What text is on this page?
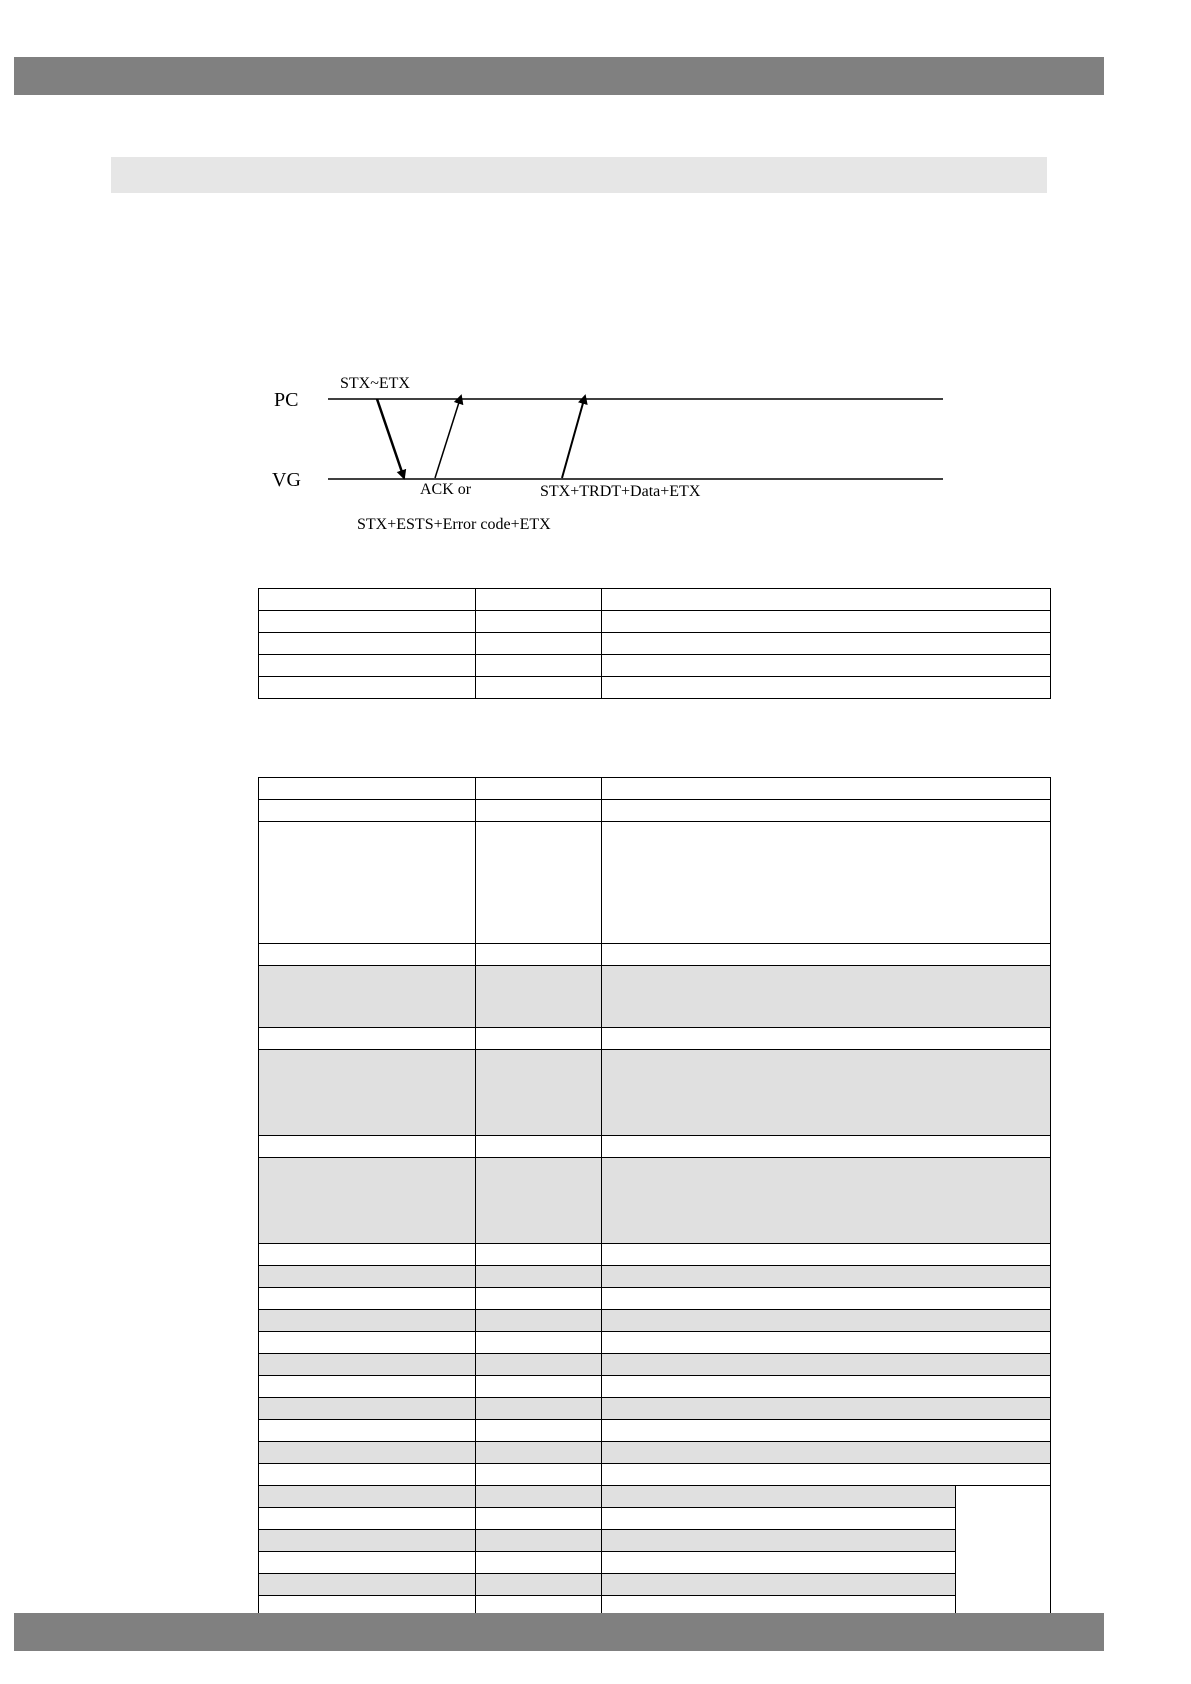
PC
VG
STX~ETX
ACK or	STX+TRDT+Data+ETX
STX+ESTS+Error code+ETX
